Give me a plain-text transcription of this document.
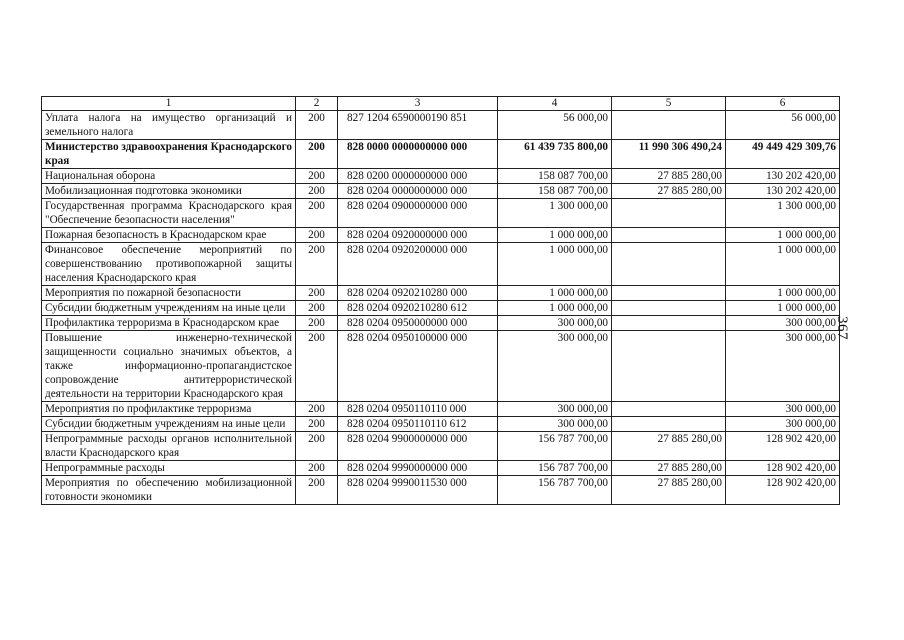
1	2	3	4	5	6
Уплата налога на имущество организаций и земельного налога	200	827 1204 6590000190 851	56 000,00		56 000,00
Министерство здравоохранения Краснодарского края	200	828 0000 0000000000 000	61 439 735 800,00	11 990 306 490,24	49 449 429 309,76
Национальная оборона	200	828 0200 0000000000 000	158 087 700,00	27 885 280,00	130 202 420,00
Мобилизационная подготовка экономики	200	828 0204 0000000000 000	158 087 700,00	27 885 280,00	130 202 420,00
Государственная программа Краснодарского края "Обеспечение безопасности населения"	200	828 0204 0900000000 000	1 300 000,00		1 300 000,00
Пожарная безопасность в Краснодарском крае	200	828 0204 0920000000 000	1 000 000,00		1 000 000,00
Финансовое обеспечение мероприятий по совершенствованию противопожарной защиты населения Краснодарского края	200	828 0204 0920200000 000	1 000 000,00		1 000 000,00
Мероприятия по пожарной безопасности	200	828 0204 0920210280 000	1 000 000,00		1 000 000,00
Субсидии бюджетным учреждениям на иные цели	200	828 0204 0920210280 612	1 000 000,00		1 000 000,00
Профилактика терроризма в Краснодарском крае	200	828 0204 0950000000 000	300 000,00		300 000,00
Повышение инженерно-технической защищенности социально значимых объектов, а также информационно-пропагандистское сопровождение антитеррористической деятельности на территории Краснодарского края	200	828 0204 0950100000 000	300 000,00		300 000,00
Мероприятия по профилактике терроризма	200	828 0204 0950110110 000	300 000,00		300 000,00
Субсидии бюджетным учреждениям на иные цели	200	828 0204 0950110110 612	300 000,00		300 000,00
Непрограммные расходы органов исполнительной власти Краснодарского края	200	828 0204 9900000000 000	156 787 700,00	27 885 280,00	128 902 420,00
Непрограммные расходы	200	828 0204 9990000000 000	156 787 700,00	27 885 280,00	128 902 420,00
Мероприятия по обеспечению мобилизационной готовности экономики	200	828 0204 9990011530 000	156 787 700,00	27 885 280,00	128 902 420,00
367
